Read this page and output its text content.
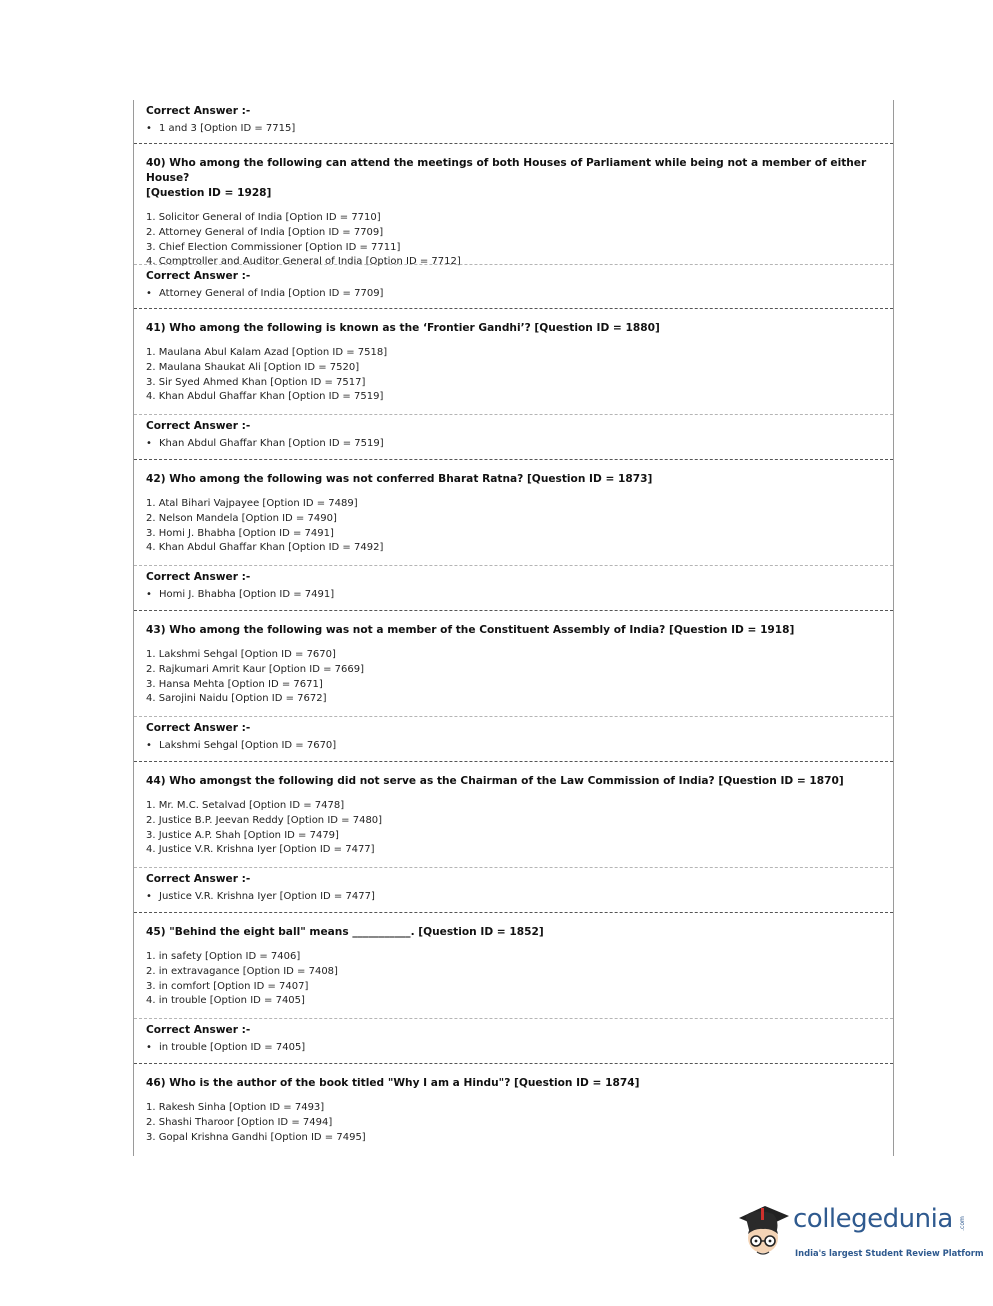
Correct Answer :-
• 1 and 3 [Option ID = 7715]
40) Who among the following can attend the meetings of both Houses of Parliament while being not a member of either House?
[Question ID = 1928]
1. Solicitor General of India [Option ID = 7710]
2. Attorney General of India [Option ID = 7709]
3. Chief Election Commissioner [Option ID = 7711]
4. Comptroller and Auditor General of India [Option ID = 7712]
Correct Answer :-
• Attorney General of India [Option ID = 7709]
41) Who among the following is known as the ‘Frontier Gandhi’? [Question ID = 1880]
1. Maulana Abul Kalam Azad [Option ID = 7518]
2. Maulana Shaukat Ali [Option ID = 7520]
3. Sir Syed Ahmed Khan [Option ID = 7517]
4. Khan Abdul Ghaffar Khan [Option ID = 7519]
Correct Answer :-
• Khan Abdul Ghaffar Khan [Option ID = 7519]
42) Who among the following was not conferred Bharat Ratna? [Question ID = 1873]
1. Atal Bihari Vajpayee [Option ID = 7489]
2. Nelson Mandela [Option ID = 7490]
3. Homi J. Bhabha [Option ID = 7491]
4. Khan Abdul Ghaffar Khan [Option ID = 7492]
Correct Answer :-
• Homi J. Bhabha [Option ID = 7491]
43) Who among the following was not a member of the Constituent Assembly of India? [Question ID = 1918]
1. Lakshmi Sehgal [Option ID = 7670]
2. Rajkumari Amrit Kaur [Option ID = 7669]
3. Hansa Mehta [Option ID = 7671]
4. Sarojini Naidu [Option ID = 7672]
Correct Answer :-
• Lakshmi Sehgal [Option ID = 7670]
44) Who amongst the following did not serve as the Chairman of the Law Commission of India? [Question ID = 1870]
1. Mr. M.C. Setalvad [Option ID = 7478]
2. Justice B.P. Jeevan Reddy [Option ID = 7480]
3. Justice A.P. Shah [Option ID = 7479]
4. Justice V.R. Krishna Iyer [Option ID = 7477]
Correct Answer :-
• Justice V.R. Krishna Iyer [Option ID = 7477]
45) "Behind the eight ball" means ___________. [Question ID = 1852]
1. in safety [Option ID = 7406]
2. in extravagance [Option ID = 7408]
3. in comfort [Option ID = 7407]
4. in trouble [Option ID = 7405]
Correct Answer :-
• in trouble [Option ID = 7405]
46) Who is the author of the book titled "Why I am a Hindu"? [Question ID = 1874]
1. Rakesh Sinha [Option ID = 7493]
2. Shashi Tharoor [Option ID = 7494]
3. Gopal Krishna Gandhi [Option ID = 7495]
collegedunia .com
India's largest Student Review Platform
